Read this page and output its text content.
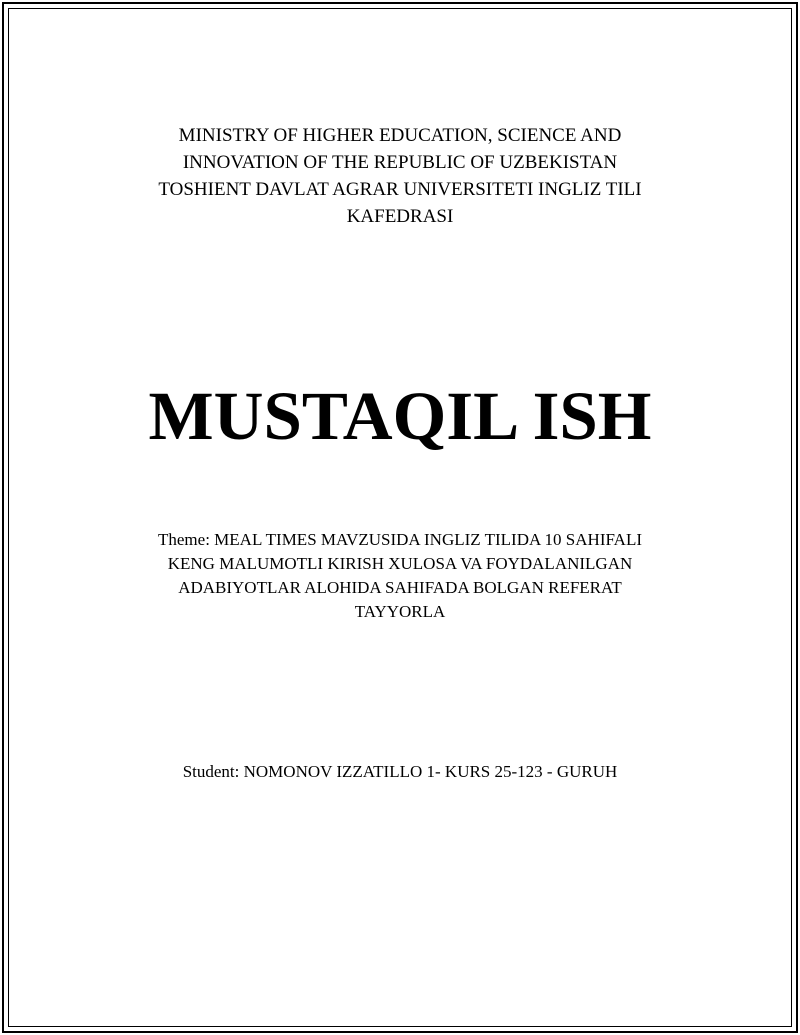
MINISTRY OF HIGHER EDUCATION, SCIENCE AND
INNOVATION OF THE REPUBLIC OF UZBEKISTAN
TOSHIENT DAVLAT AGRAR UNIVERSITETI INGLIZ TILI
KAFEDRASI
MUSTAQIL ISH
Theme: MEAL TIMES MAVZUSIDA INGLIZ TILIDA 10 SAHIFALI
KENG MALUMOTLI KIRISH XULOSA VA FOYDALANILGAN
ADABIYOTLAR ALOHIDA SAHIFADA BOLGAN REFERAT
TAYYORLA
Student: NOMONOV IZZATILLO 1- KURS 25-123 - GURUH
